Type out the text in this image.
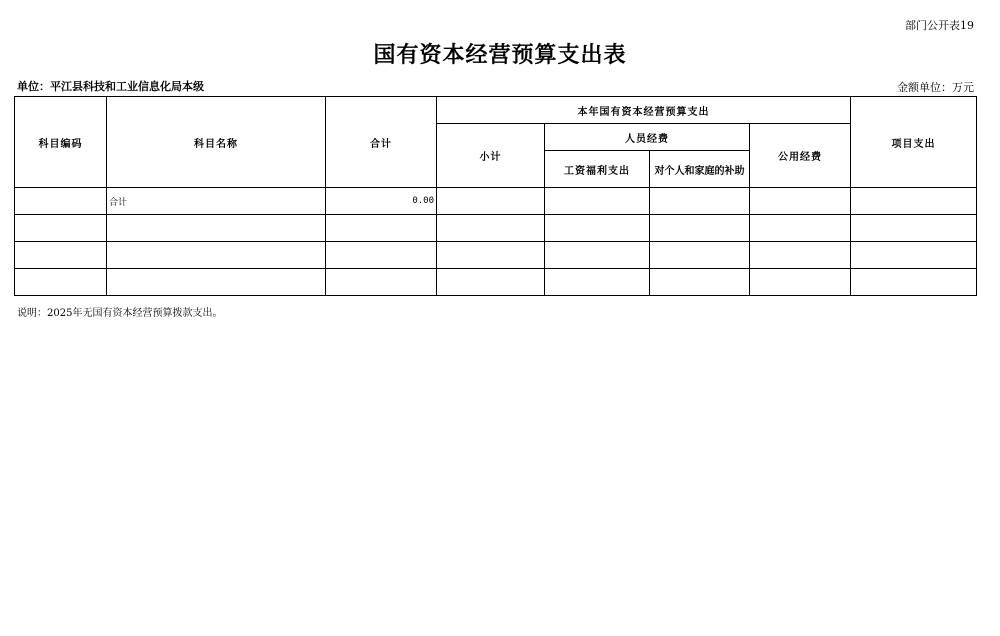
部门公开表19
国有资本经营预算支出表
单位：平江县科技和工业信息化局本级	金额单位：万元
科目编码	科目名称	合计	本年国有资本经营预算支出				项目支出
			小计	人员经费		公用经费	
				工资福利支出	对个人和家庭的补助		
	合计	0.00					

说明：2025年无国有资本经营预算拨款支出。
